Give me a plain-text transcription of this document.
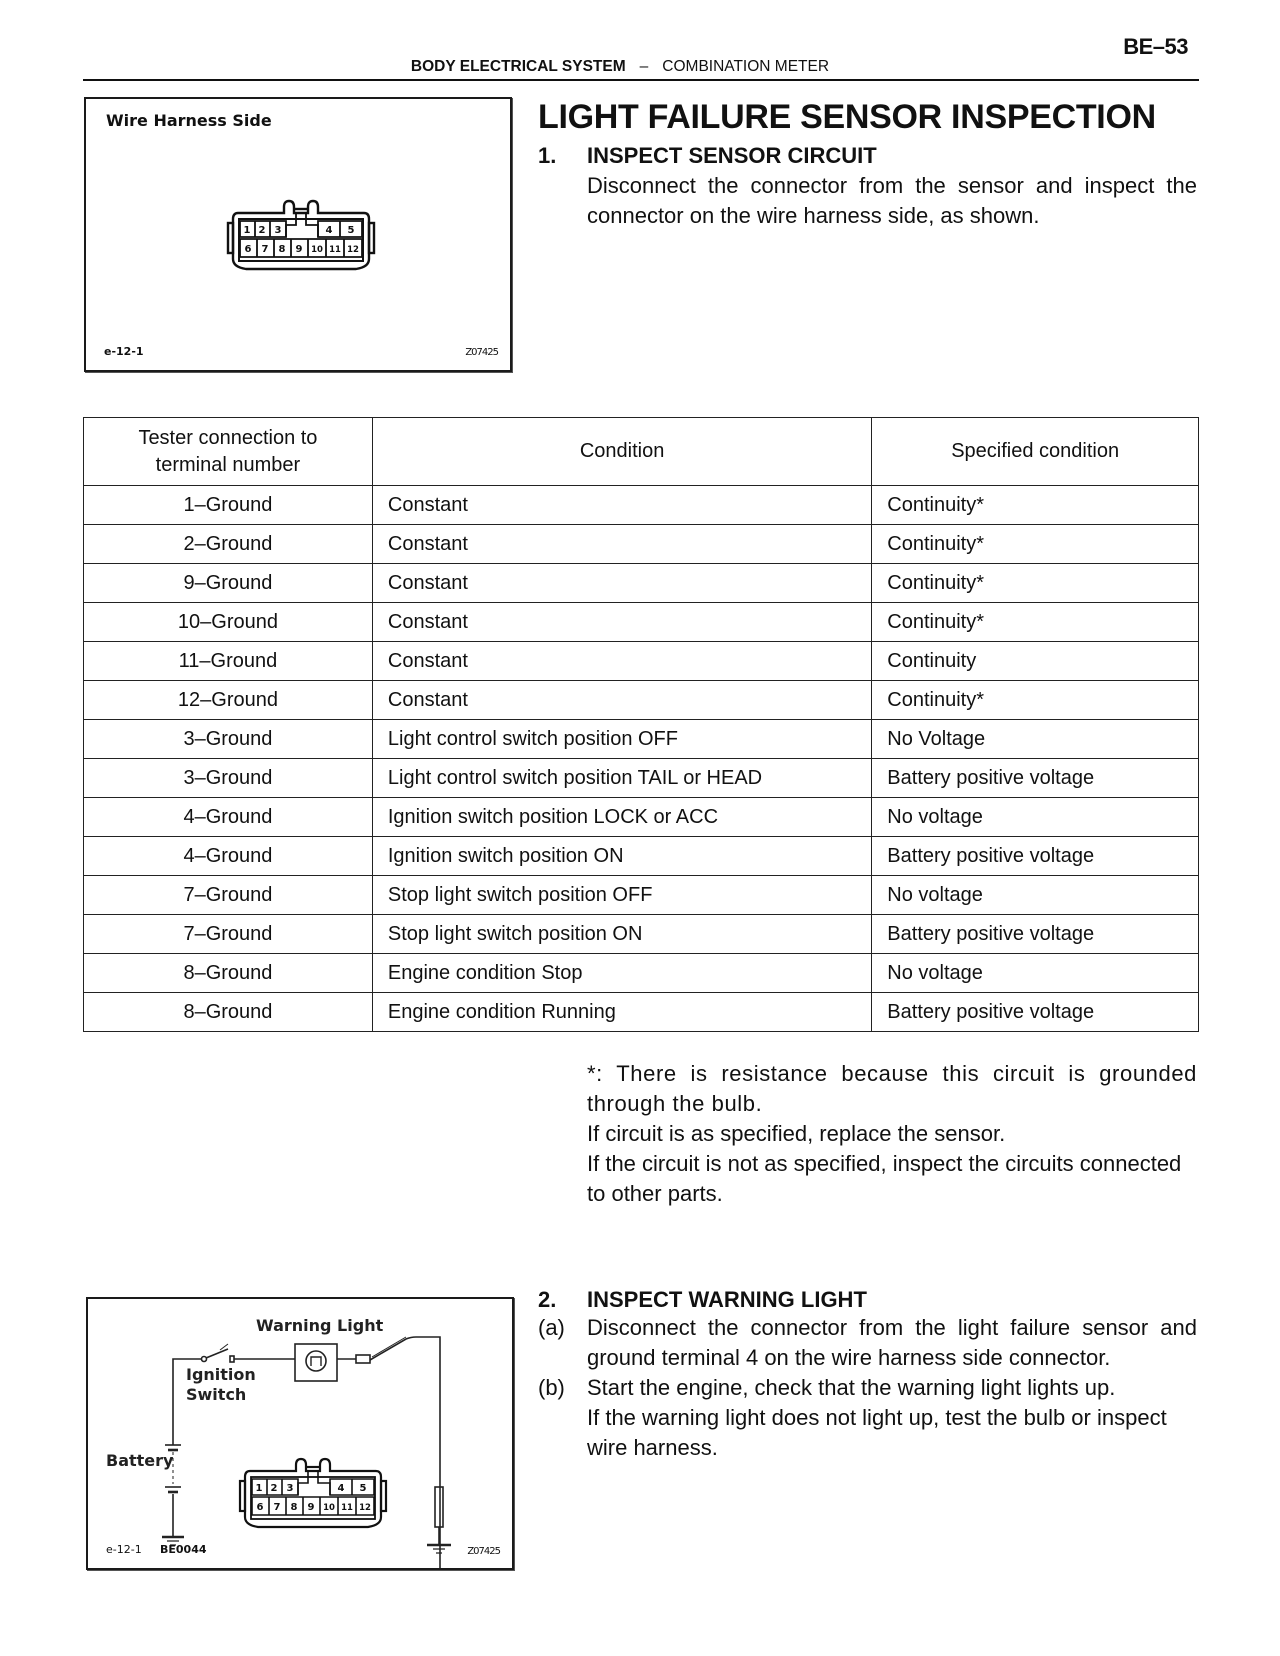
BE–53
BODY ELECTRICAL SYSTEM – COMBINATION METER
Wire Harness Side
1 2 3	4 5
6 7 8 9 10 11 12
e-12-1	Z07425
LIGHT FAILURE SENSOR INSPECTION
1. INSPECT SENSOR CIRCUIT
Disconnect the connector from the sensor and inspect the connector on the wire harness side, as shown.
Tester connection to terminal number	Condition	Specified condition
1–Ground	Constant	Continuity*
2–Ground	Constant	Continuity*
9–Ground	Constant	Continuity*
10–Ground	Constant	Continuity*
11–Ground	Constant	Continuity
12–Ground	Constant	Continuity*
3–Ground	Light control switch position OFF	No Voltage
3–Ground	Light control switch position TAIL or HEAD	Battery positive voltage
4–Ground	Ignition switch position LOCK or ACC	No voltage
4–Ground	Ignition switch position ON	Battery positive voltage
7–Ground	Stop light switch position OFF	No voltage
7–Ground	Stop light switch position ON	Battery positive voltage
8–Ground	Engine condition Stop	No voltage
8–Ground	Engine condition Running	Battery positive voltage
*: There is resistance because this circuit is grounded through the bulb.
If circuit is as specified, replace the sensor.
If the circuit is not as specified, inspect the circuits connected to other parts.
2. INSPECT WARNING LIGHT
(a) Disconnect the connector from the light failure sensor and ground terminal 4 on the wire harness side connector.
(b) Start the engine, check that the warning light lights up.
If the warning light does not light up, test the bulb or inspect wire harness.
1 2 3	4 5
6 7 8 9 10 11 12
Warning Light
Ignition
Switch
Battery
e-12-1 BE0044	Z07425
